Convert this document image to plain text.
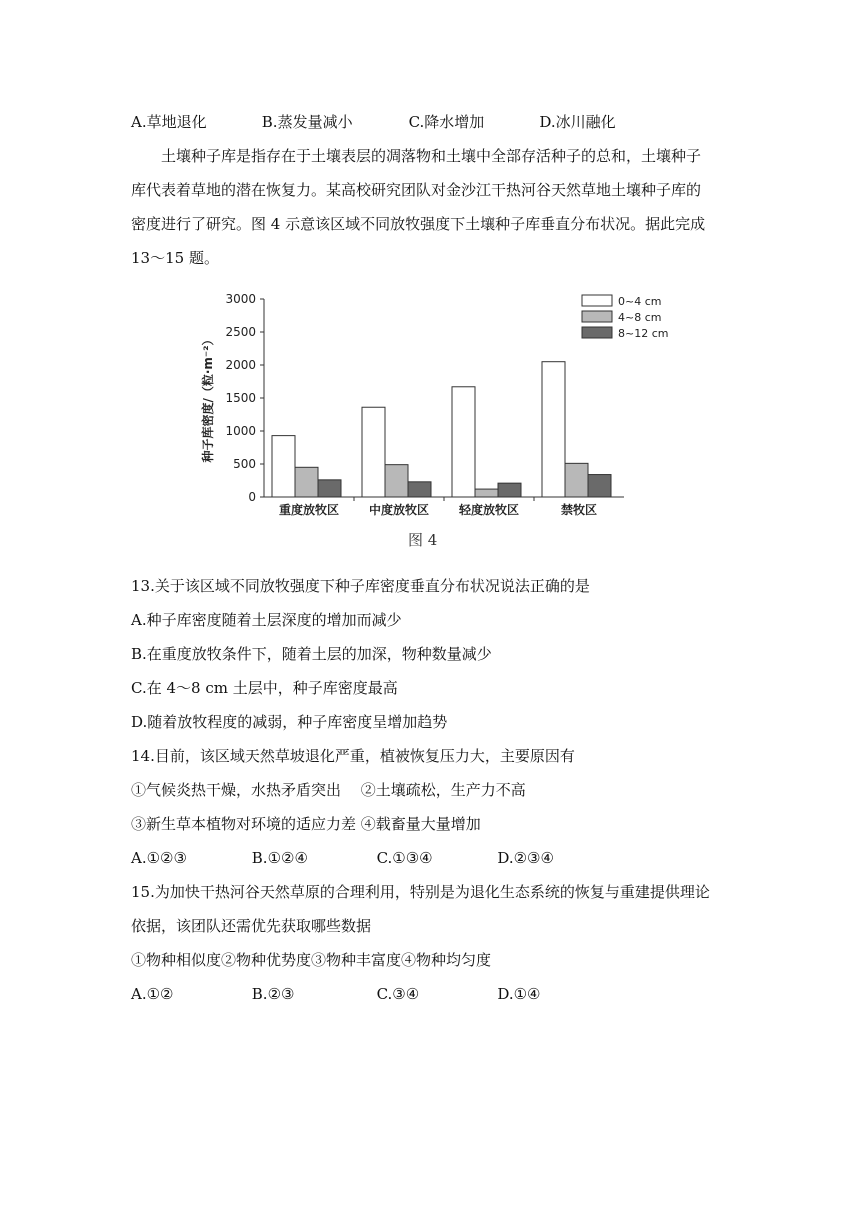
A.草地退化	B.蒸发量减小	C.降水增加	D.冰川融化
土壤种子库是指存在于土壤表层的凋落物和土壤中全部存活种子的总和，土壤种子
库代表着草地的潜在恢复力。某高校研究团队对金沙江干热河谷天然草地土壤种子库的
密度进行了研究。图 4 示意该区域不同放牧强度下土壤种子库垂直分布状况。据此完成
13～15 题。
0
500
1000
1500
2000
2500
3000
种子库密度/（粒·m⁻²）
重度放牧区 中度放牧区 轻度放牧区	禁牧区
0~4 cm
4~8 cm
8~12 cm
图 4
13.关于该区域不同放牧强度下种子库密度垂直分布状况说法正确的是
A.种子库密度随着土层深度的增加而减少
B.在重度放牧条件下，随着土层的加深，物种数量减少
C.在 4～8 cm 土层中，种子库密度最高
D.随着放牧程度的减弱，种子库密度呈增加趋势
14.目前，该区域天然草坡退化严重，植被恢复压力大，主要原因有
①气候炎热干燥，水热矛盾突出　 ②土壤疏松，生产力不高
③新生草本植物对环境的适应力差 ④载畜量大量增加
A.①②③	B.①②④	C.①③④	D.②③④
15.为加快干热河谷天然草原的合理利用，特别是为退化生态系统的恢复与重建提供理论
依据，该团队还需优先获取哪些数据
①物种相似度②物种优势度③物种丰富度④物种均匀度
A.①②	B.②③	C.③④	D.①④
